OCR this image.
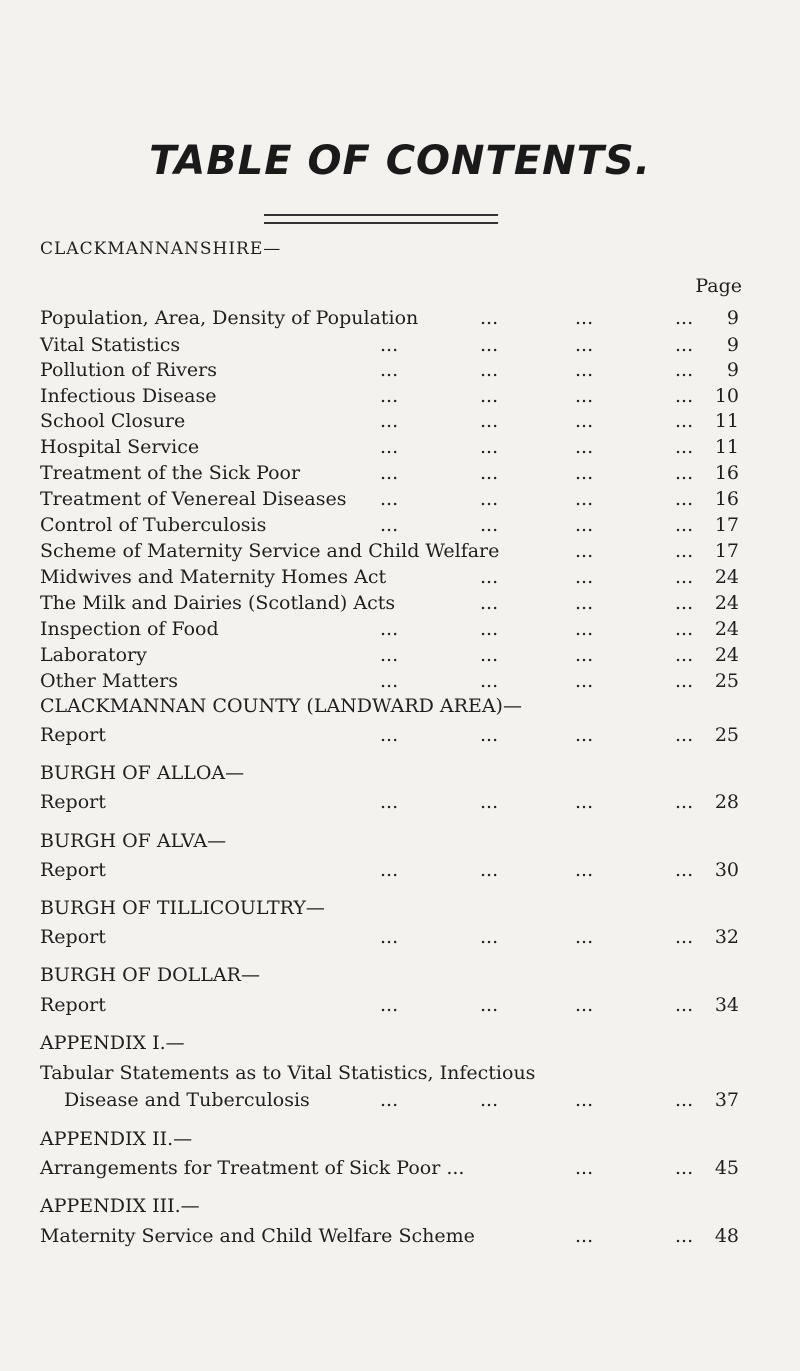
TABLE OF CONTENTS.
Page
CLACKMANNANSHIRE—
Population, Area, Density of Population	...	...	... 9
Vital Statistics	...	...	...	... 9
Pollution of Rivers	...	...	...	... 9
Infectious Disease	...	...	...	... 10
School Closure	...	...	...	... 11
Hospital Service	...	...	...	... 11
Treatment of the Sick Poor	...	...	...	... 16
Treatment of Venereal Diseases ...	...	...	... 16
Control of Tuberculosis	...	...	...	... 17
Scheme of Maternity Service and Child Welfare	...	... 17
Midwives and Maternity Homes Act	...	...	... 24
The Milk and Dairies (Scotland) Acts	...	...	... 24
Inspection of Food	...	...	...	... 24
Laboratory	...	...	...	... 24
Other Matters	...	...	...	... 25
CLACKMANNAN COUNTY (LANDWARD AREA)—
Report	...	...	...	... 25
BURGH OF ALLOA—
Report	...	...	...	... 28
BURGH OF ALVA—
Report	...	...	...	... 30
BURGH OF TILLICOULTRY—
Report	...	...	...	... 32
BURGH OF DOLLAR—
Report	...	...	...	... 34
APPENDIX I.—
Tabular Statements as to Vital Statistics, Infectious
Disease and Tuberculosis	...	...	...	... 37
APPENDIX II.—
Arrangements for Treatment of Sick Poor ...	...	... 45
APPENDIX III.—
Maternity Service and Child Welfare Scheme	...	... 48
